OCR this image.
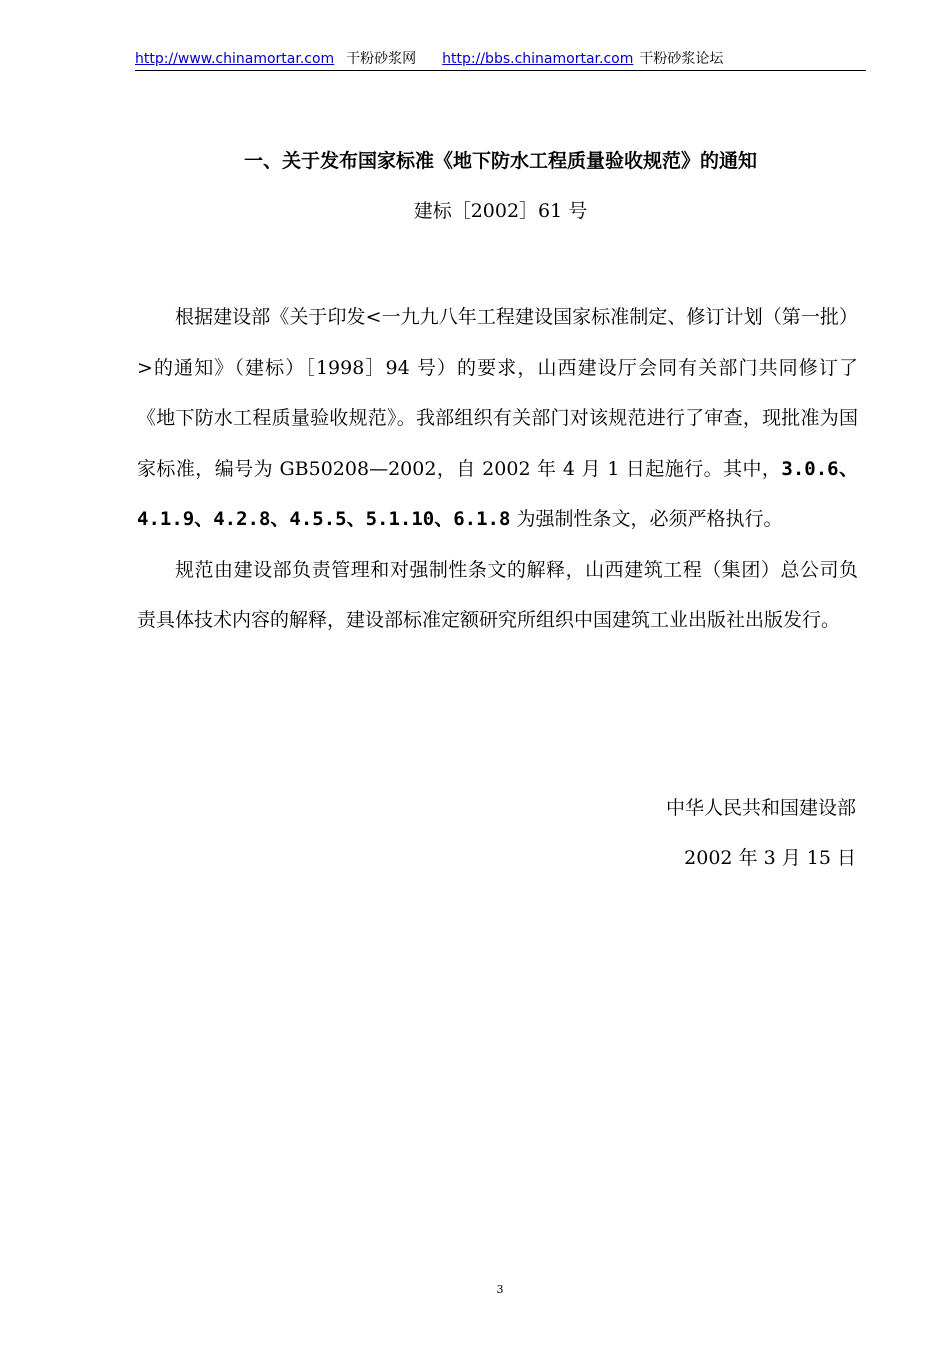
http://www.chinamortar.com 干粉砂浆网 http://bbs.chinamortar.com 干粉砂浆论坛
一、关于发布国家标准《地下防水工程质量验收规范》的通知
建标［2002］61 号

根据建设部《关于印发<一九九八年工程建设国家标准制定、修订计划（第一批）>的通知》（建标）［1998］94 号）的要求，山西建设厅会同有关部门共同修订了《地下防水工程质量验收规范》。我部组织有关部门对该规范进行了审查，现批准为国家标准，编号为 GB50208—2002，自 2002 年 4 月 1 日起施行。其中，3.0.6、4.1.9、4.2.8、4.5.5、5.1.10、6.1.8 为强制性条文，必须严格执行。

规范由建设部负责管理和对强制性条文的解释，山西建筑工程（集团）总公司负责具体技术内容的解释，建设部标准定额研究所组织中国建筑工业出版社出版发行。

中华人民共和国建设部
2002 年 3 月 15 日
3
